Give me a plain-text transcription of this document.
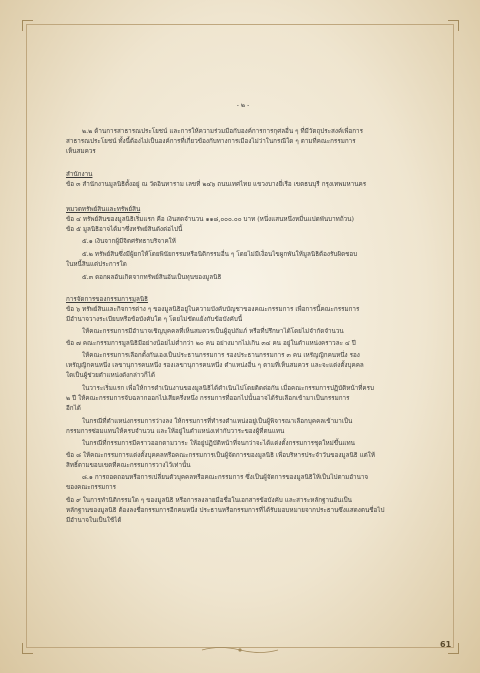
- ๒ -
๒.๒ ด้านการสาธารณประโยชน์ และการให้ความร่วมมือกับองค์การการกุศลอื่น ๆ ที่มีวัตถุประสงค์เพื่อการ
สาธารณประโยชน์ ทั้งนี้ต้องไม่เป็นองค์การที่เกี่ยวข้องกับทางการเมืองไม่ว่าในกรณีใด ๆ ตามที่คณะกรรมการ
เห็นสมควร
สำนักงาน
ข้อ ๓ สำนักงานมูลนิธิตั้งอยู่ ณ วัดอินทาราม เลขที่ ๒๔๖ ถนนเทศไทย แขวงบางยี่เรือ เขตธนบุรี กรุงเทพมหานคร
หมวดทรัพย์สินและทรัพย์สิน
ข้อ ๔ ทรัพย์สินของมูลนิธิเริ่มแรก คือ เงินสดจำนวน ๑๑๘,๐๐๐.๐๐ บาท (หนึ่งแสนหนึ่งหมื่นแปดพันบาทถ้วน)
ข้อ ๕ มูลนิธิอาจได้มาซึ่งทรัพย์สินดังต่อไปนี้
๕.๑ เงินจากผู้มีจิตศรัทธาบริจาคให้
๕.๒ ทรัพย์สินซึ่งมีผู้ยกให้โดยพินัยกรรมหรือนิติกรรมอื่น ๆ โดยไม่มีเงื่อนไขผูกพันให้มูลนิธิต้องรับผิดชอบ
ในหนี้สินแต่ประการใด
๕.๓ ดอกผลอันเกิดจากทรัพย์สินอันเป็นทุนของมูลนิธิ
การจัดการของกรรมการมูลนิธิ
ข้อ ๖ ทรัพย์สินและกิจการต่าง ๆ ของมูลนิธิอยู่ในความบังคับบัญชาของคณะกรรมการ เพื่อการนี้คณะกรรมการ
มีอำนาจวางระเบียบหรือข้อบังคับใด ๆ โดยไม่ขัดแย้งกับข้อบังคับนี้
ให้คณะกรรมการมีอำนาจเชิญบุคคลที่เห็นสมควรเป็นผู้อุปถัมภ์ หรือที่ปรึกษาได้โดยไม่จำกัดจำนวน
ข้อ ๗ คณะกรรมการมูลนิธิมีอย่างน้อยไม่ต่ำกว่า ๒๐ คน อย่างมากไม่เกิน ๓๔ คน อยู่ในตำแหน่งคราวละ ๔ ปี
ให้คณะกรรมการเลือกตั้งกันเองเป็นประธานกรรมการ รองประธานกรรมการ ๓ คน เหรัญญิกคนหนึ่ง รอง
เหรัญญิกคนหนึ่ง เลขานุการคนหนึ่ง รองเลขานุการคนหนึ่ง ตำแหน่งอื่น ๆ ตามที่เห็นสมควร และจะแต่งตั้งบุคคล
ใดเป็นผู้ช่วยตำแหน่งดังกล่าวก็ได้
ในวาระเริ่มแรก เพื่อให้การดำเนินงานของมูลนิธิได้ดำเนินไปโดยติดต่อกัน เมื่อคณะกรรมการปฏิบัติหน้าที่ครบ
๒ ปี ให้คณะกรรมการจับฉลากออกไปเสียครึ่งหนึ่ง กรรมการที่ออกไปนั้นอาจได้รับเลือกเข้ามาเป็นกรรมการ
อีกได้
ในกรณีที่ตำแหน่งกรรมการว่างลง ให้กรรมการที่ทำรงตำแหน่งอยู่เป็นผู้พิจารณาเลือกบุคคลเข้ามาเป็น
กรรมการซ่อมแทนให้ครบจำนวน และให้อยู่ในตำแหน่งเท่ากับวาระของผู้ที่ตนแทน
ในกรณีที่กรรมการมีคราวออกตามวาระ ให้อยู่ปฏิบัติหน้าที่จนกว่าจะได้แต่งตั้งกรรมการชุดใหม่ขึ้นแทน
ข้อ ๘ ให้คณะกรรมการแต่งตั้งบุคคลหรือคณะกรรมการเป็นผู้จัดการของมูลนิธิ เพื่อบริหารประจำวันของมูลนิธิ แต่ให้
สิทธิ์ตามขอบเขตที่คณะกรรมการวางไว้เท่านั้น
๘.๑ การถอดถอนหรือการเปลี่ยนตัวบุคคลหรือคณะกรรมการ ซึ่งเป็นผู้จัดการของมูลนิธิให้เป็นไปตามอำนาจ
ของคณะกรรมการ
ข้อ ๙ ในการทำนิติกรรมใด ๆ ของมูลนิธิ หรือการลงลายมือชื่อในเอกสารข้อบังคับ และสาระหลักฐานอันเป็น
หลักฐานของมูลนิธิ ต้องลงชื่อกรรมการอีกคนหนึ่ง ประธานหรือกรรมการที่ได้รับมอบหมายจากประธานซึ่งแสดงตนชื่อไป
มีอำนาจในเป็นใช้ได้
61
